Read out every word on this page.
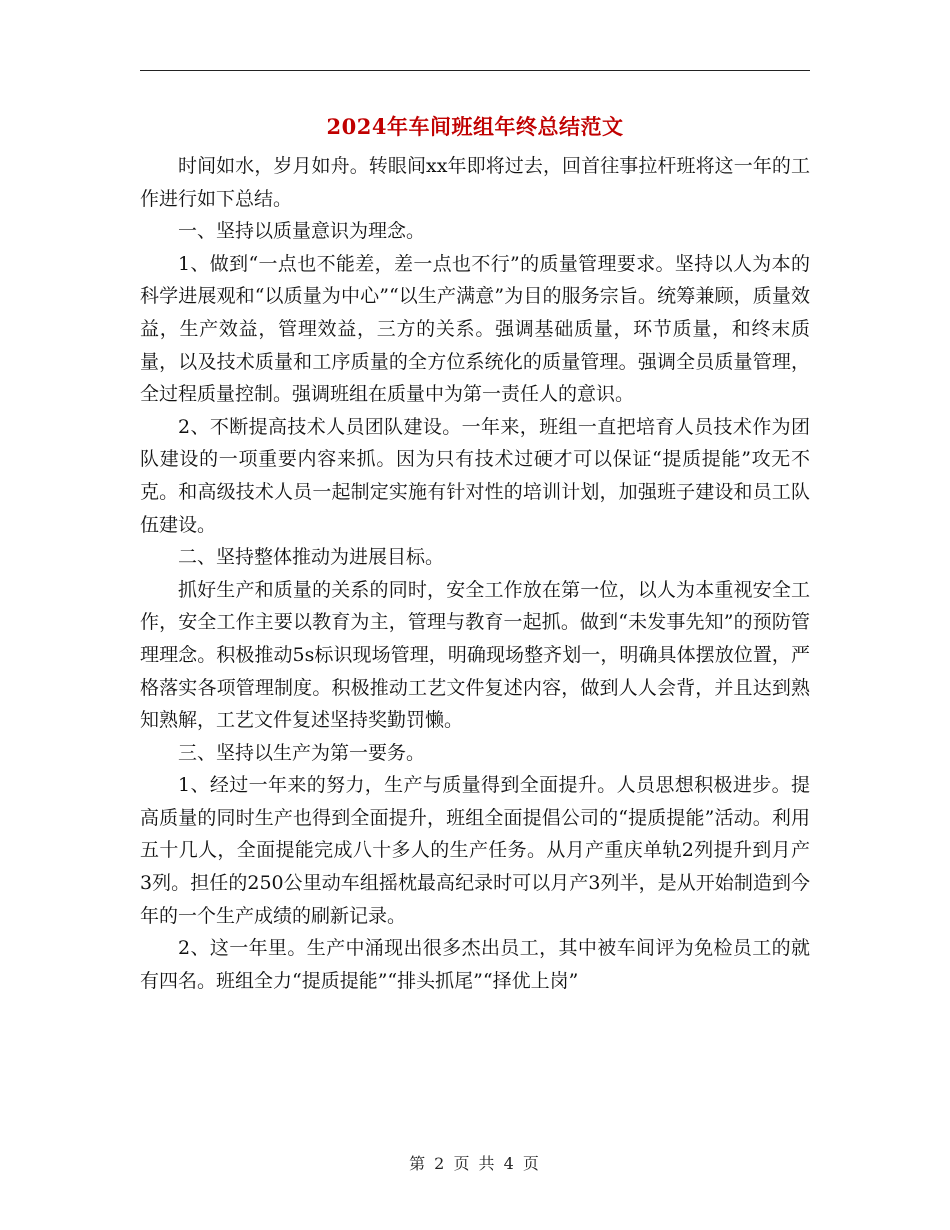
2024年车间班组年终总结范文

时间如水，岁月如舟。转眼间xx年即将过去，回首往事拉杆班将这一年的工作进行如下总结。

一、坚持以质量意识为理念。

1、做到“一点也不能差，差一点也不行”的质量管理要求。坚持以人为本的科学进展观和“以质量为中心”“以生产满意”为目的服务宗旨。统筹兼顾，质量效益，生产效益，管理效益，三方的关系。强调基础质量，环节质量，和终末质量，以及技术质量和工序质量的全方位系统化的质量管理。强调全员质量管理，全过程质量控制。强调班组在质量中为第一责任人的意识。

2、不断提高技术人员团队建设。一年来，班组一直把培育人员技术作为团队建设的一项重要内容来抓。因为只有技术过硬才可以保证“提质提能”攻无不克。和高级技术人员一起制定实施有针对性的培训计划，加强班子建设和员工队伍建设。

二、坚持整体推动为进展目标。

抓好生产和质量的关系的同时，安全工作放在第一位，以人为本重视安全工作，安全工作主要以教育为主，管理与教育一起抓。做到“未发事先知”的预防管理理念。积极推动5s标识现场管理，明确现场整齐划一，明确具体摆放位置，严格落实各项管理制度。积极推动工艺文件复述内容，做到人人会背，并且达到熟知熟解，工艺文件复述坚持奖勤罚懒。

三、坚持以生产为第一要务。

1、经过一年来的努力，生产与质量得到全面提升。人员思想积极进步。提高质量的同时生产也得到全面提升，班组全面提倡公司的“提质提能”活动。利用五十几人，全面提能完成八十多人的生产任务。从月产重庆单轨2列提升到月产3列。担任的250公里动车组摇枕最高纪录时可以月产3列半，是从开始制造到今年的一个生产成绩的刷新记录。

2、这一年里。生产中涌现出很多杰出员工，其中被车间评为免检员工的就有四名。班组全力“提质提能”“排头抓尾”“择优上岗”

第 2 页 共 4 页
